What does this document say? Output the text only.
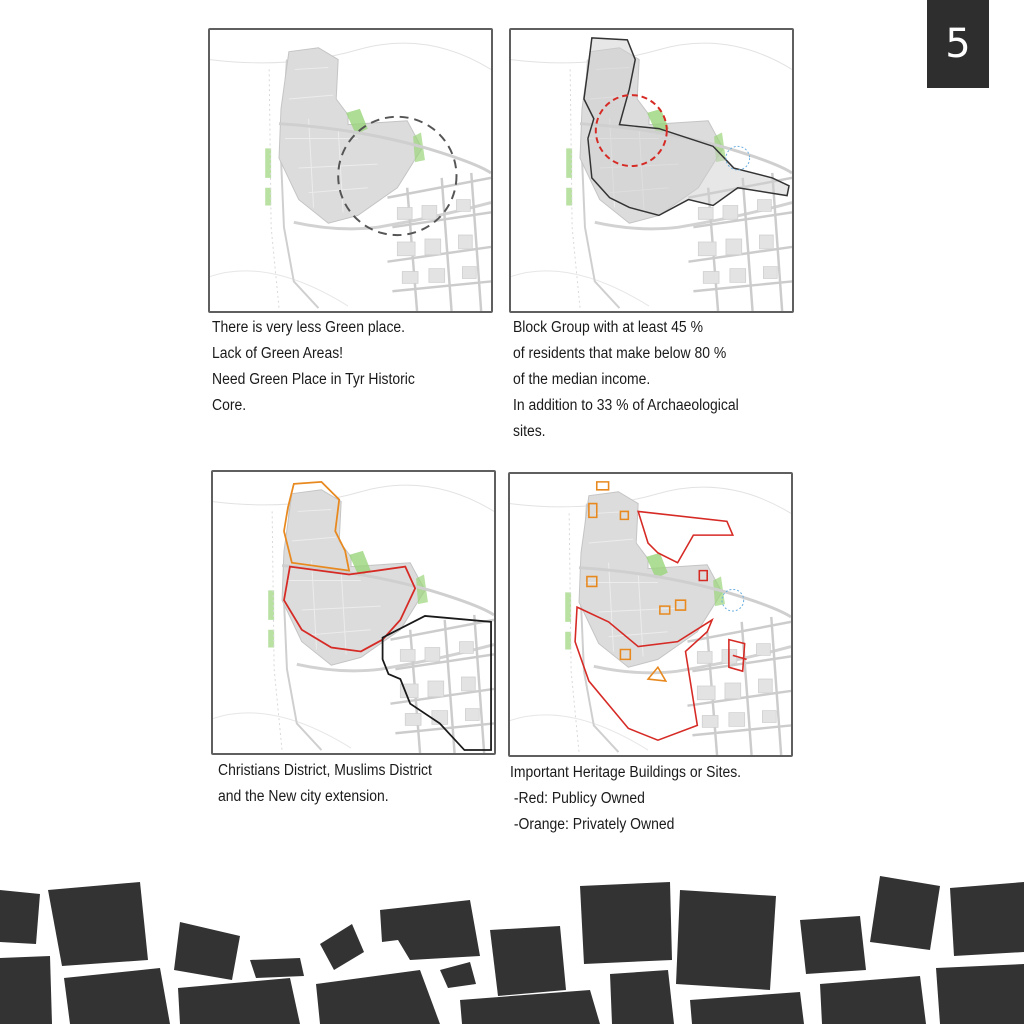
5
There is very less Green place.
Lack of Green Areas!
Need Green Place in Tyr Historic
Core.
Block Group with at least 45 %
of residents that make below 80 %
of the median income.
In addition to 33 % of Archaeological
sites.
Christians District, Muslims District
and the New city extension.
Important Heritage Buildings or Sites.
-Red: Publicy Owned
-Orange: Privately Owned
